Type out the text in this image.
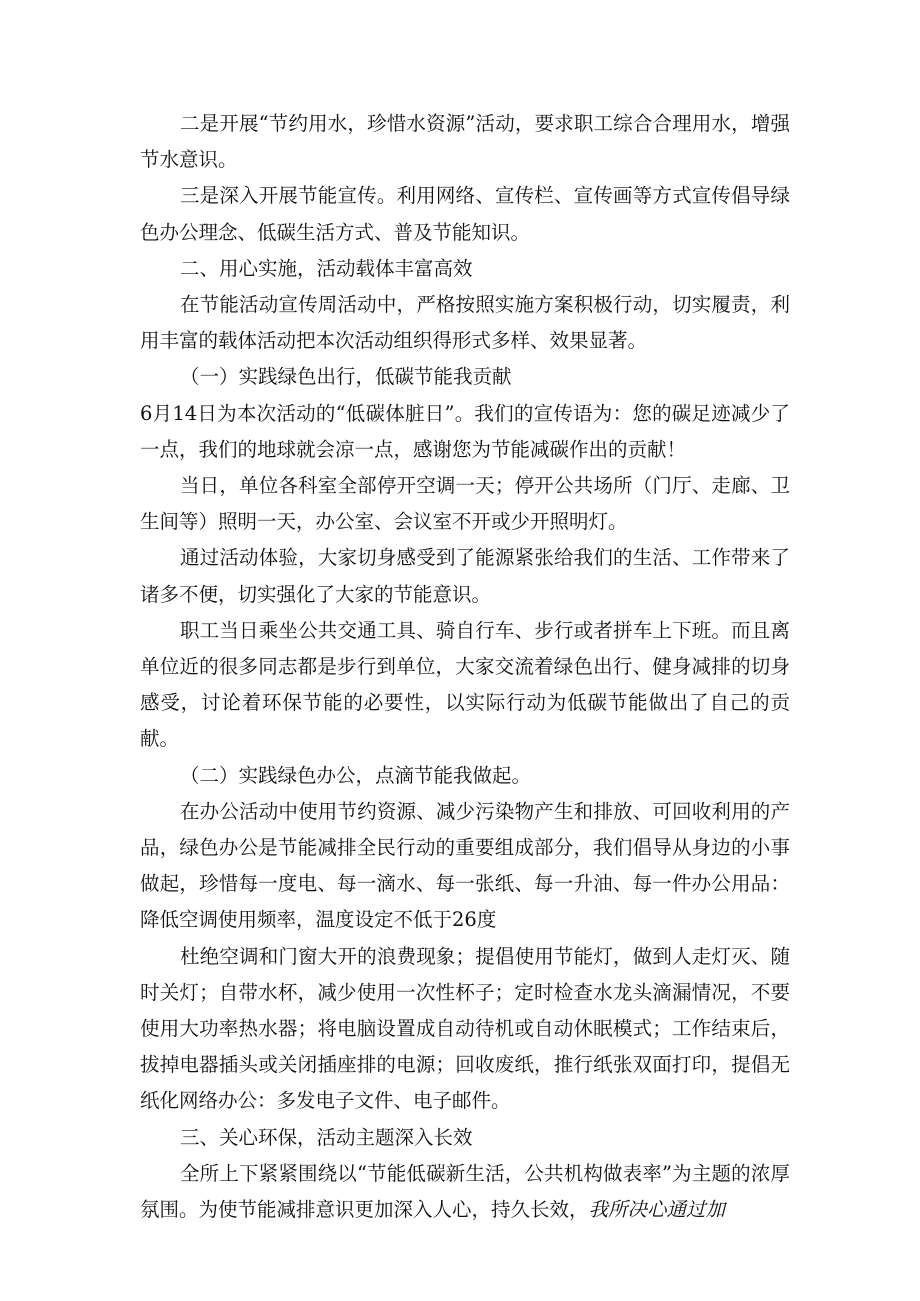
二是开展“节约用水，珍惜水资源”活动，要求职工综合合理用水，增强节水意识。

三是深入开展节能宣传。利用网络、宣传栏、宣传画等方式宣传倡导绿色办公理念、低碳生活方式、普及节能知识。

二、用心实施，活动载体丰富高效

在节能活动宣传周活动中，严格按照实施方案积极行动，切实履责，利用丰富的载体活动把本次活动组织得形式多样、效果显著。

（一）实践绿色出行，低碳节能我贡献

6月14日为本次活动的“低碳体脏日”。我们的宣传语为：您的碳足迹减少了一点，我们的地球就会凉一点，感谢您为节能减碳作出的贡献！

当日，单位各科室全部停开空调一天；停开公共场所（门厅、走廊、卫生间等）照明一天，办公室、会议室不开或少开照明灯。

通过活动体验，大家切身感受到了能源紧张给我们的生活、工作带来了诸多不便，切实强化了大家的节能意识。

职工当日乘坐公共交通工具、骑自行车、步行或者拼车上下班。而且离单位近的很多同志都是步行到单位，大家交流着绿色出行、健身减排的切身感受，讨论着环保节能的必要性，以实际行动为低碳节能做出了自己的贡献。

（二）实践绿色办公，点滴节能我做起。

在办公活动中使用节约资源、减少污染物产生和排放、可回收利用的产品，绿色办公是节能减排全民行动的重要组成部分，我们倡导从身边的小事做起，珍惜每一度电、每一滴水、每一张纸、每一升油、每一件办公用品：降低空调使用频率，温度设定不低于26度

杜绝空调和门窗大开的浪费现象；提倡使用节能灯，做到人走灯灭、随时关灯；自带水杯，减少使用一次性杯子；定时检查水龙头滴漏情况，不要使用大功率热水器；将电脑设置成自动待机或自动休眠模式；工作结束后，拔掉电器插头或关闭插座排的电源；回收废纸，推行纸张双面打印，提倡无纸化网络办公：多发电子文件、电子邮件。

三、关心环保，活动主题深入长效

全所上下紧紧围绕以“节能低碳新生活，公共机构做表率”为主题的浓厚氛围。为使节能减排意识更加深入人心，持久长效，我所决心通过加
